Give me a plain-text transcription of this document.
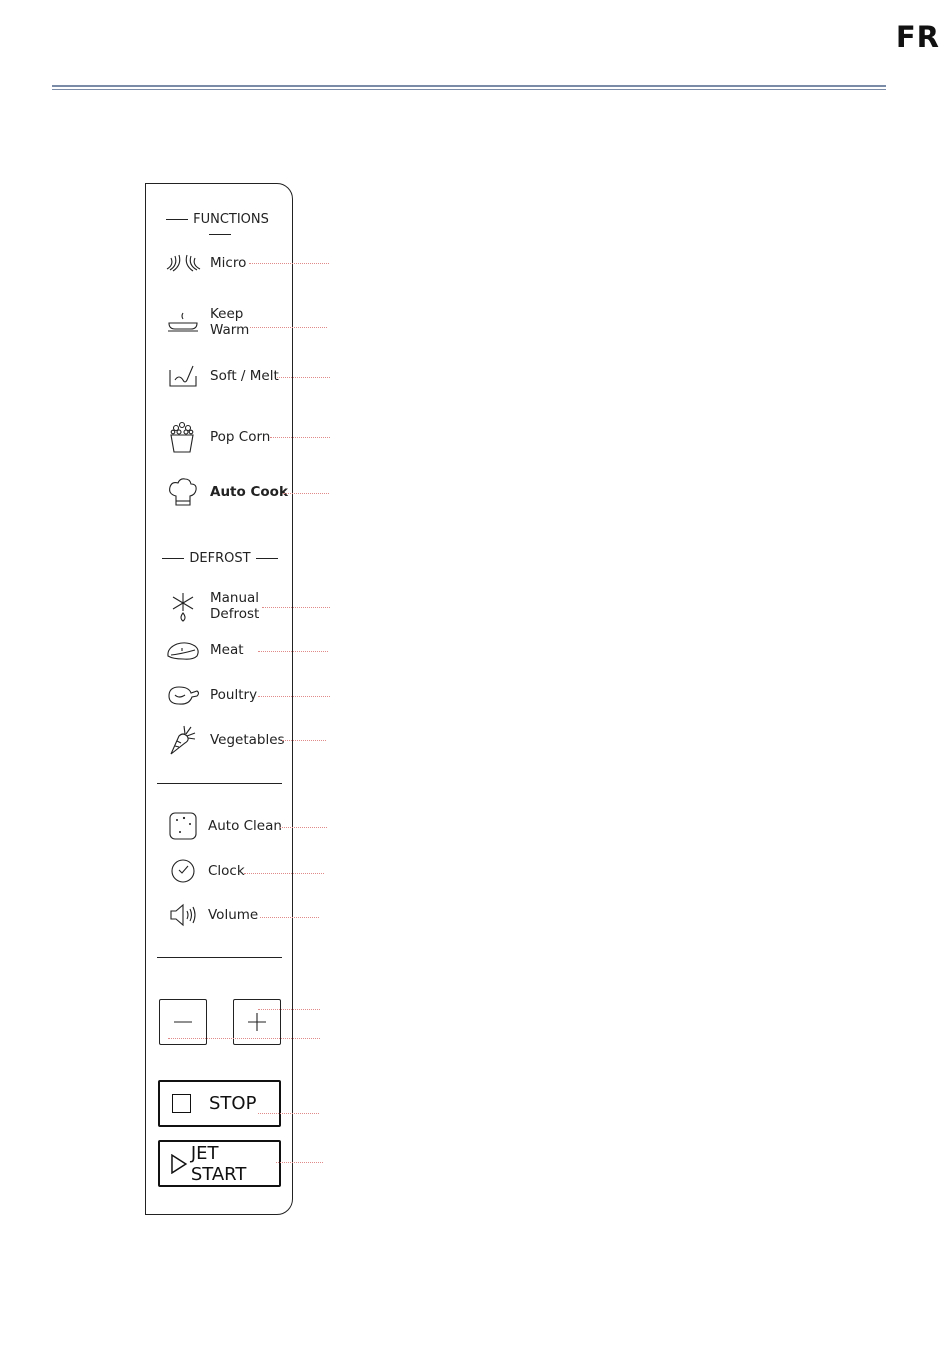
FR
FUNCTIONS
Micro
Keep
Warm
Soft / Melt
Pop Corn
Auto Cook
DEFROST
Manual
Defrost
Meat
Poultry
Vegetables
Auto Clean
Clock
Volume
STOP
JET START
